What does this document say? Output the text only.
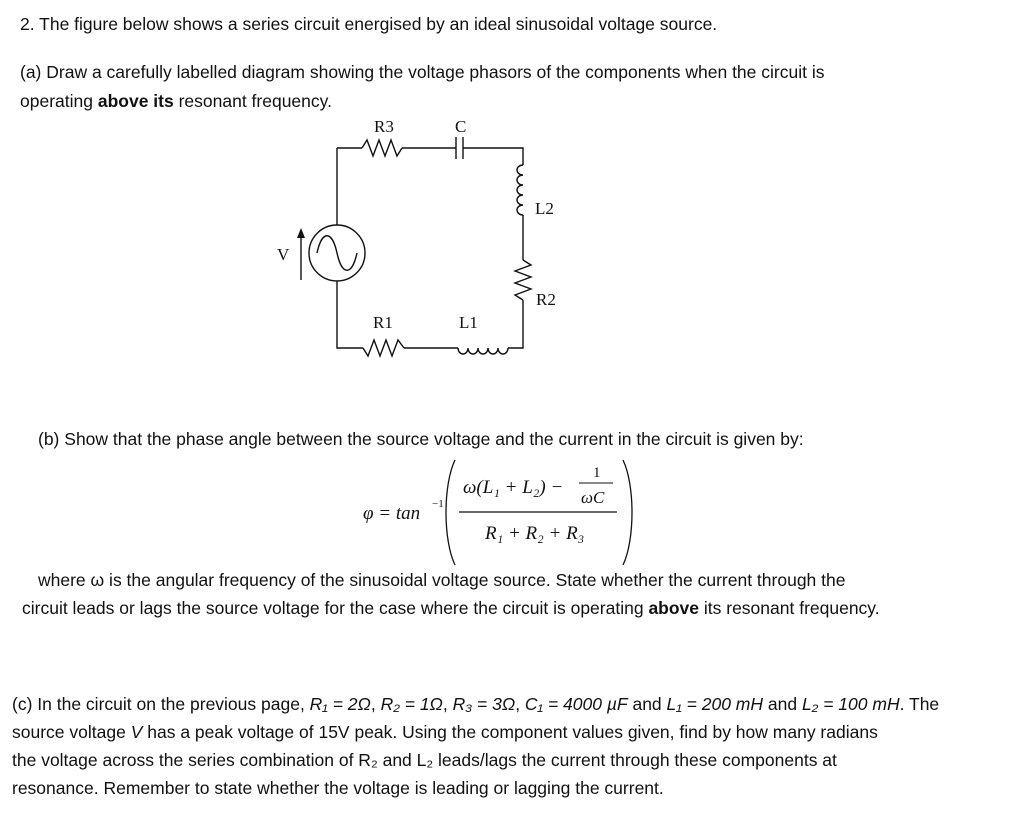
2. The figure below shows a series circuit energised by an ideal sinusoidal voltage source.
(a) Draw a carefully labelled diagram showing the voltage phasors of the components when the circuit is
operating above its resonant frequency.
R3	C
L2
R2
R1	L1
V
(b) Show that the phase angle between the source voltage and the current in the circuit is given by:
φ = tan −1
ω(L₁ + L₂) −
1
ωC
R₁ + R₂ + R₃
where ω is the angular frequency of the sinusoidal voltage source. State whether the current through the
circuit leads or lags the source voltage for the case where the circuit is operating above its resonant frequency.
(c) In the circuit on the previous page, R₁ = 2Ω, R₂ = 1Ω, R₃ = 3Ω, C₁ = 4000 µF and L₁ = 200 mH and L₂ = 100 mH. The
source voltage V has a peak voltage of 15V peak. Using the component values given, find by how many radians
the voltage across the series combination of R₂ and L₂ leads/lags the current through these components at
resonance. Remember to state whether the voltage is leading or lagging the current.
